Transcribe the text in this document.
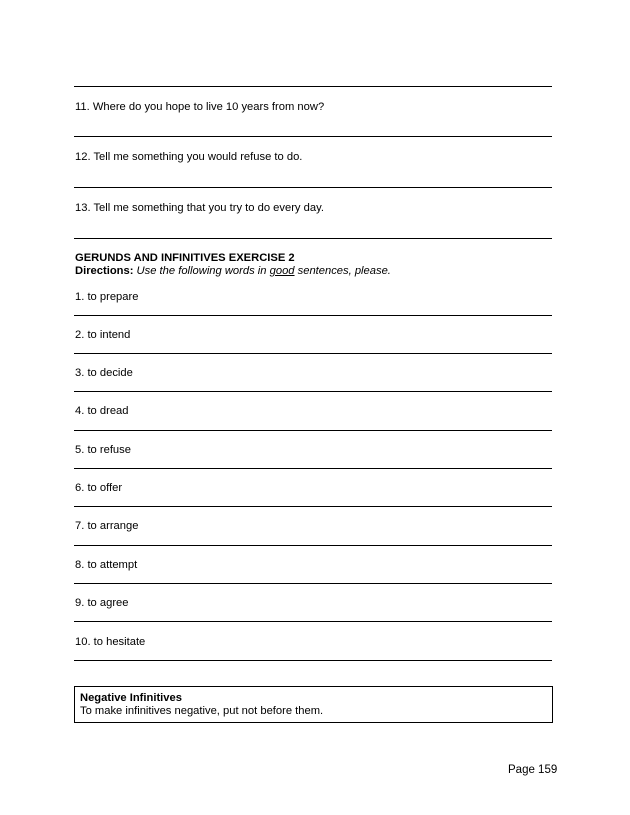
11. Where do you hope to live 10 years from now?
12. Tell me something you would refuse to do.
13. Tell me something that you try to do every day.
GERUNDS AND INFINITIVES EXERCISE 2
Directions: Use the following words in good sentences, please.
1. to prepare
2. to intend
3. to decide
4. to dread
5. to refuse
6. to offer
7. to arrange
8. to attempt
9. to agree
10. to hesitate
Negative Infinitives
To make infinitives negative, put not before them.
Page 159
